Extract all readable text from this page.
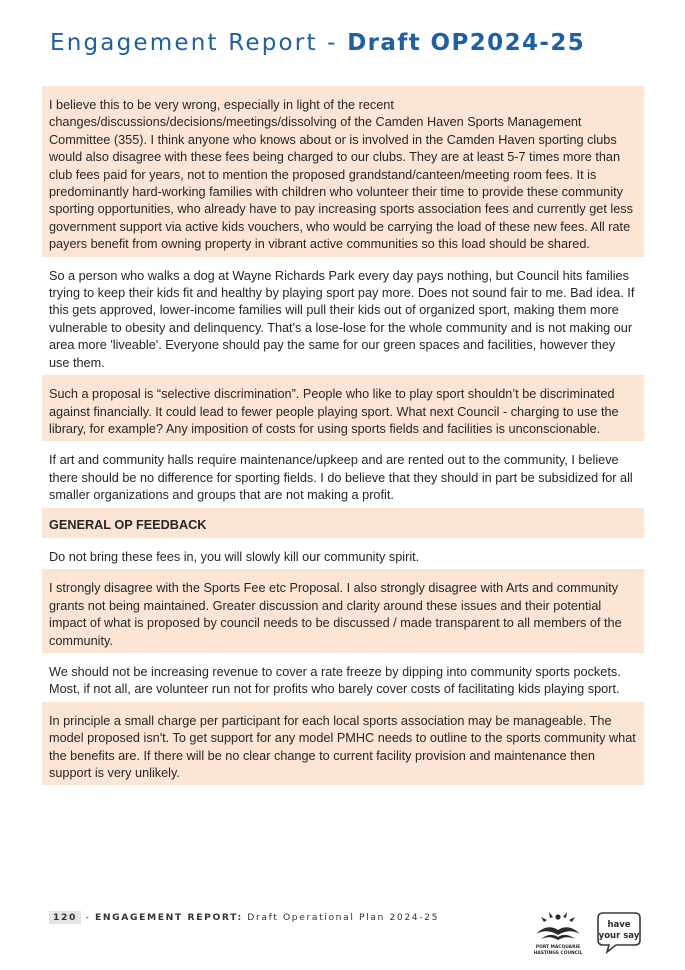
Engagement Report - Draft OP2024-25
I believe this to be very wrong, especially in light of the recent changes/discussions/decisions/meetings/dissolving of the Camden Haven Sports Management Committee (355). I think anyone who knows about or is involved in the Camden Haven sporting clubs would also disagree with these fees being charged to our clubs. They are at least 5-7 times more than club fees paid for years, not to mention the proposed grandstand/canteen/meeting room fees. It is predominantly hard-working families with children who volunteer their time to provide these community sporting opportunities, who already have to pay increasing sports association fees and currently get less government support via active kids vouchers, who would be carrying the load of these new fees. All rate payers benefit from owning property in vibrant active communities so this load should be shared.
So a person who walks a dog at Wayne Richards Park every day pays nothing, but Council hits families trying to keep their kids fit and healthy by playing sport pay more. Does not sound fair to me. Bad idea. If this gets approved, lower-income families will pull their kids out of organized sport, making them more vulnerable to obesity and delinquency. That's a lose-lose for the whole community and is not making our area more 'liveable'. Everyone should pay the same for our green spaces and facilities, however they use them.
Such a proposal is “selective discrimination”. People who like to play sport shouldn’t be discriminated against financially. It could lead to fewer people playing sport. What next Council - charging to use the library, for example? Any imposition of costs for using sports fields and facilities is unconscionable.
If art and community halls require maintenance/upkeep and are rented out to the community, I believe there should be no difference for sporting fields. I do believe that they should in part be subsidized for all smaller organizations and groups that are not making a profit.
GENERAL OP FEEDBACK
Do not bring these fees in, you will slowly kill our community spirit.
I strongly disagree with the Sports Fee etc Proposal. I also strongly disagree with Arts and community grants not being maintained. Greater discussion and clarity around these issues and their potential impact of what is proposed by council needs to be discussed / made transparent to all members of the community.
We should not be increasing revenue to cover a rate freeze by dipping into community sports pockets. Most, if not all, are volunteer run not for profits who barely cover costs of facilitating kids playing sport.
In principle a small charge per participant for each local sports association may be manageable. The model proposed isn't. To get support for any model PMHC needs to outline to the sports community what the benefits are. If there will be no clear change to current facility provision and maintenance then support is very unlikely.
120 - ENGAGEMENT REPORT: Draft Operational Plan 2024-25
PORT MACQUARIE
HASTINGS COUNCIL
have
your say
